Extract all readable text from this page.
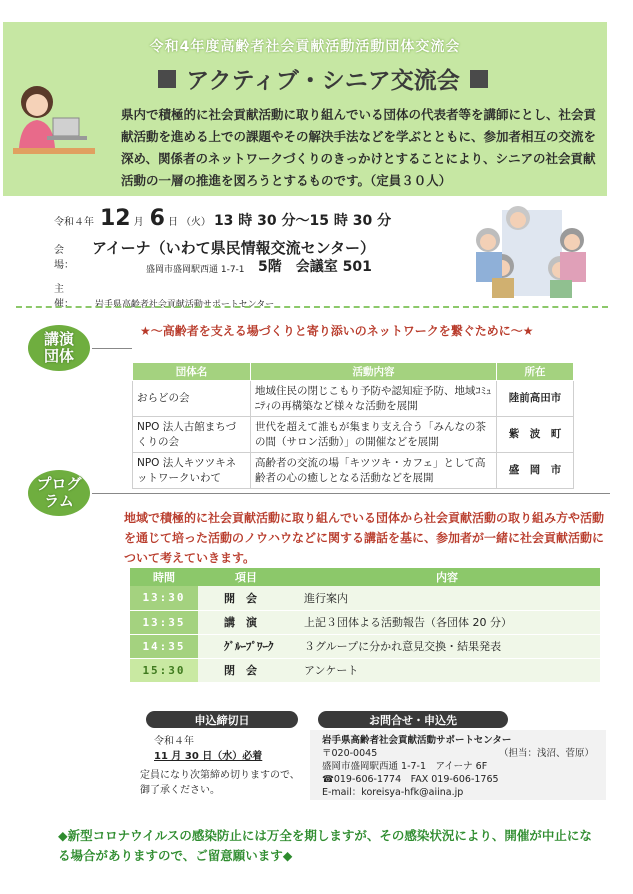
令和4年度高齢者社会貢献活動活動団体交流会
アクティブ・シニア交流会
県内で積極的に社会貢献活動に取り組んでいる団体の代表者等を講師にとし、社会貢献活動を進める上での課題やその解決手法などを学ぶとともに、参加者相互の交流を深め、関係者のネットワークづくりのきっかけとすることにより、シニアの社会貢献活動の一層の推進を図ろうとするものです。（定員３０人）
令和４年 12 月 6 日 （火） 13 時 30 分～15 時 30 分
会　場：
アイーナ（いわて県民情報交流センター）
盛岡市盛岡駅西通 1-7-1 5階　会議室 501
主　催： 岩手県高齢者社会貢献活動サポートセンター
講演
団体
★～高齢者を支える場づくりと寄り添いのネットワークを繋ぐために～★
団体名	活動内容	所在
おらどの会	地域住民の閉じこもり予防や認知症予防、地域ｺﾐｭﾆﾃｨの再構築など様々な活動を展開	陸前高田市
NPO 法人古館まちづくりの会	世代を超えて誰もが集まり支え合う「みんなの茶の間（サロン活動）」の開催などを展開	紫　波　町
NPO 法人キツツキネットワークいわて	高齢者の交流の場「キツツキ・カフェ」として高齢者の心の癒しとなる活動などを展開	盛　岡　市
プログ
ラム
地域で積極的に社会貢献活動に取り組んでいる団体から社会貢献活動の取り組み方や活動を通じて培った活動のノウハウなどに関する講話を基に、参加者が一緒に社会貢献活動について考えていきます。
時間	項目	内容
13:30	開　会	進行案内
13:35	講　演	上記３団体よる活動報告（各団体 20 分）
14:35	ｸﾞﾙｰﾌﾟﾜｰｸ	３グループに分かれ意見交換・結果発表
15:30	閉　会	アンケート
申込締切日	お問合せ・申込先
令和４年
11 月 30 日（水）必着
定員になり次第締め切りますので、御了承ください。
岩手県高齢者社会貢献活動サポートセンター
〒020-0045	（担当：浅沼、菅原）
盛岡市盛岡駅西通 1-7-1　アイーナ 6F
☎019-606-1774　FAX 019-606-1765
E-mail：koreisya-hfk@aiina.jp
◆新型コロナウイルスの感染防止には万全を期しますが、その感染状況により、開催が中止になる場合がありますので、ご留意願います◆
